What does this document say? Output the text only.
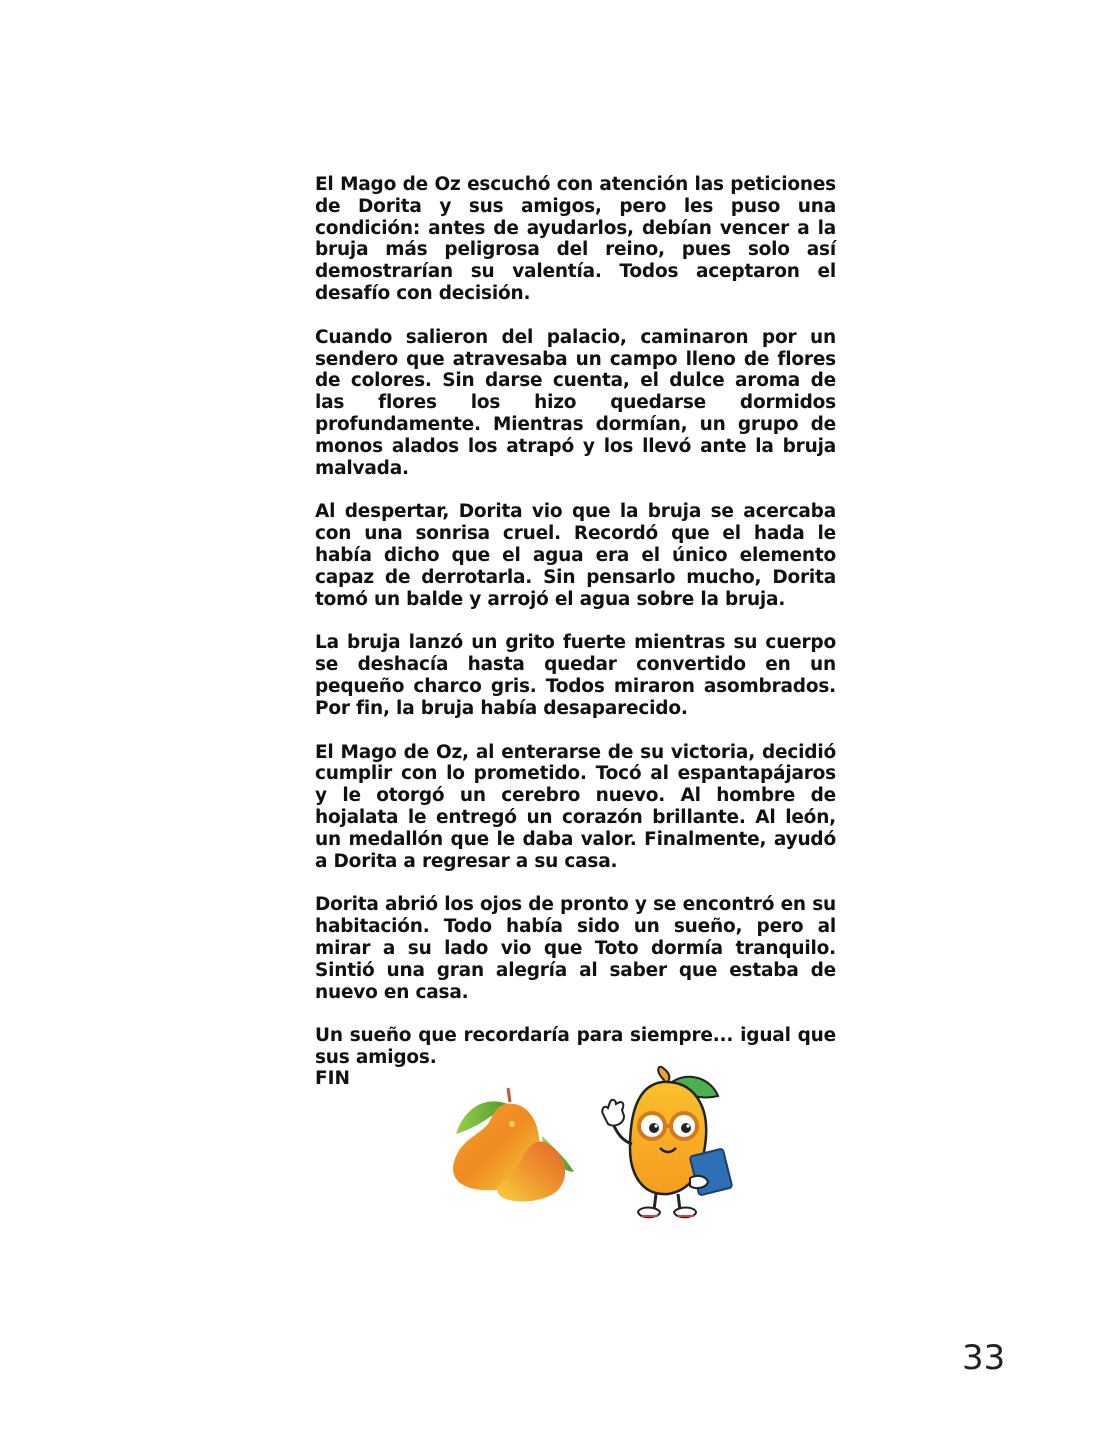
El Mago de Oz escuchó con atención las peticiones de Dorita y sus amigos, pero les puso una condición: antes de ayudarlos, debían vencer a la bruja más peligrosa del reino, pues solo así demostrarían su valentía. Todos aceptaron el desafío con decisión.

Cuando salieron del palacio, caminaron por un sendero que atravesaba un campo lleno de flores de colores. Sin darse cuenta, el dulce aroma de las flores los hizo quedarse dormidos profundamente. Mientras dormían, un grupo de monos alados los atrapó y los llevó ante la bruja malvada.

Al despertar, Dorita vio que la bruja se acercaba con una sonrisa cruel. Recordó que el hada le había dicho que el agua era el único elemento capaz de derrotarla. Sin pensarlo mucho, Dorita tomó un balde y arrojó el agua sobre la bruja.

La bruja lanzó un grito fuerte mientras su cuerpo se deshacía hasta quedar convertido en un pequeño charco gris. Todos miraron asombrados. Por fin, la bruja había desaparecido.

El Mago de Oz, al enterarse de su victoria, decidió cumplir con lo prometido. Tocó al espantapájaros y le otorgó un cerebro nuevo. Al hombre de hojalata le entregó un corazón brillante. Al león, un medallón que le daba valor. Finalmente, ayudó a Dorita a regresar a su casa.

Dorita abrió los ojos de pronto y se encontró en su habitación. Todo había sido un sueño, pero al mirar a su lado vio que Toto dormía tranquilo. Sintió una gran alegría al saber que estaba de nuevo en casa.

Un sueño que recordaría para siempre... igual que sus amigos.

FIN
33
